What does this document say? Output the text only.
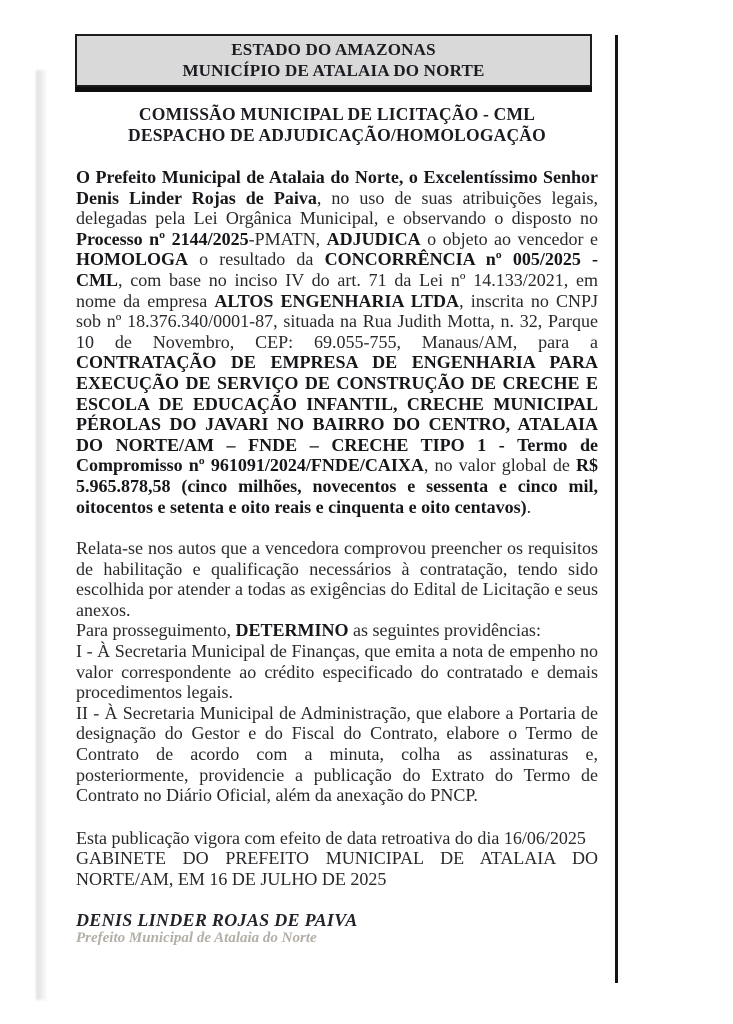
ESTADO DO AMAZONAS
MUNICÍPIO DE ATALAIA DO NORTE
COMISSÃO MUNICIPAL DE LICITAÇÃO - CML
DESPACHO DE ADJUDICAÇÃO/HOMOLOGAÇÃO

O Prefeito Municipal de Atalaia do Norte, o Excelentíssimo Senhor Denis Linder Rojas de Paiva, no uso de suas atribuições legais, delegadas pela Lei Orgânica Municipal, e observando o disposto no Processo nº 2144/2025-PMATN, ADJUDICA o objeto ao vencedor e HOMOLOGA o resultado da CONCORRÊNCIA nº 005/2025 - CML, com base no inciso IV do art. 71 da Lei nº 14.133/2021, em nome da empresa ALTOS ENGENHARIA LTDA, inscrita no CNPJ sob nº 18.376.340/0001-87, situada na Rua Judith Motta, n. 32, Parque 10 de Novembro, CEP: 69.055-755, Manaus/AM, para a CONTRATAÇÃO DE EMPRESA DE ENGENHARIA PARA EXECUÇÃO DE SERVIÇO DE CONSTRUÇÃO DE CRECHE E ESCOLA DE EDUCAÇÃO INFANTIL, CRECHE MUNICIPAL PÉROLAS DO JAVARI NO BAIRRO DO CENTRO, ATALAIA DO NORTE/AM – FNDE – CRECHE TIPO 1 - Termo de Compromisso nº 961091/2024/FNDE/CAIXA, no valor global de R$ 5.965.878,58 (cinco milhões, novecentos e sessenta e cinco mil, oitocentos e setenta e oito reais e cinquenta e oito centavos).

Relata-se nos autos que a vencedora comprovou preencher os requisitos de habilitação e qualificação necessários à contratação, tendo sido escolhida por atender a todas as exigências do Edital de Licitação e seus anexos.

Para prosseguimento, DETERMINO as seguintes providências:

I - À Secretaria Municipal de Finanças, que emita a nota de empenho no valor correspondente ao crédito especificado do contratado e demais procedimentos legais.

II - À Secretaria Municipal de Administração, que elabore a Portaria de designação do Gestor e do Fiscal do Contrato, elabore o Termo de Contrato de acordo com a minuta, colha as assinaturas e, posteriormente, providencie a publicação do Extrato do Termo de Contrato no Diário Oficial, além da anexação do PNCP.

Esta publicação vigora com efeito de data retroativa do dia 16/06/2025

GABINETE DO PREFEITO MUNICIPAL DE ATALAIA DO NORTE/AM, EM 16 DE JULHO DE 2025

DENIS LINDER ROJAS DE PAIVA
Prefeito Municipal de Atalaia do Norte
